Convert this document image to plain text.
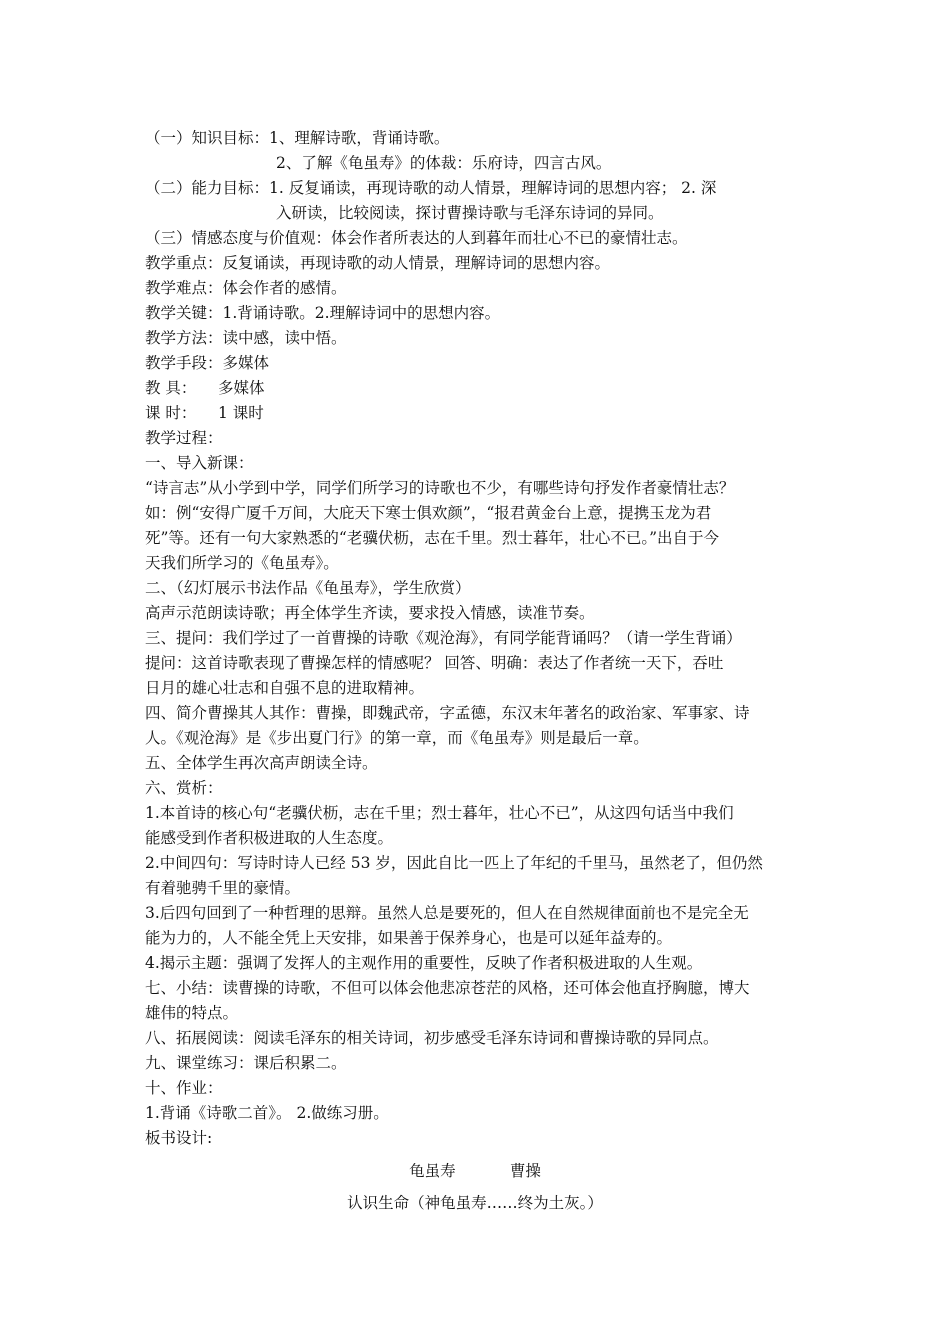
（一）知识目标：1、理解诗歌，背诵诗歌。
2、了解《龟虽寿》的体裁：乐府诗，四言古风。
（二）能力目标：1. 反复诵读，再现诗歌的动人情景，理解诗词的思想内容； 2. 深
入研读，比较阅读，探讨曹操诗歌与毛泽东诗词的异同。
（三）情感态度与价值观：体会作者所表达的人到暮年而壮心不已的豪情壮志。
教学重点：反复诵读，再现诗歌的动人情景，理解诗词的思想内容。
教学难点：体会作者的感情。
教学关键：1.背诵诗歌。2.理解诗词中的思想内容。
教学方法：读中感，读中悟。
教学手段：多媒体
教 具： 多媒体
课 时： 1 课时
教学过程：
一、导入新课：
“诗言志”从小学到中学，同学们所学习的诗歌也不少，有哪些诗句抒发作者豪情壮志？
如：例“安得广厦千万间，大庇天下寒士俱欢颜”，“报君黄金台上意，提携玉龙为君
死”等。还有一句大家熟悉的“老骥伏枥，志在千里。烈士暮年，壮心不已。”出自于今
天我们所学习的《龟虽寿》。
二、（幻灯展示书法作品《龟虽寿》，学生欣赏）
高声示范朗读诗歌；再全体学生齐读，要求投入情感，读准节奏。
三、提问：我们学过了一首曹操的诗歌《观沧海》，有同学能背诵吗？（请一学生背诵）
提问：这首诗歌表现了曹操怎样的情感呢？ 回答、明确：表达了作者统一天下，吞吐
日月的雄心壮志和自强不息的进取精神。
四、简介曹操其人其作：曹操，即魏武帝，字孟德，东汉末年著名的政治家、军事家、诗
人。《观沧海》是《步出夏门行》的第一章，而《龟虽寿》则是最后一章。
五、全体学生再次高声朗读全诗。
六、赏析：
1.本首诗的核心句“老骥伏枥，志在千里；烈士暮年，壮心不已”，从这四句话当中我们
能感受到作者积极进取的人生态度。
2.中间四句：写诗时诗人已经 53 岁，因此自比一匹上了年纪的千里马，虽然老了，但仍然
有着驰骋千里的豪情。
3.后四句回到了一种哲理的思辩。虽然人总是要死的，但人在自然规律面前也不是完全无
能为力的，人不能全凭上天安排，如果善于保养身心，也是可以延年益寿的。
4.揭示主题：强调了发挥人的主观作用的重要性，反映了作者积极进取的人生观。
七、小结：读曹操的诗歌，不但可以体会他悲凉苍茫的风格，还可体会他直抒胸臆，博大
雄伟的特点。
八、拓展阅读：阅读毛泽东的相关诗词，初步感受毛泽东诗词和曹操诗歌的异同点。
九、课堂练习：课后积累二。
十、作业：
1.背诵《诗歌二首》。 2.做练习册。
板书设计:
龟虽寿           曹操
认识生命（神龟虽寿……终为土灰。）
